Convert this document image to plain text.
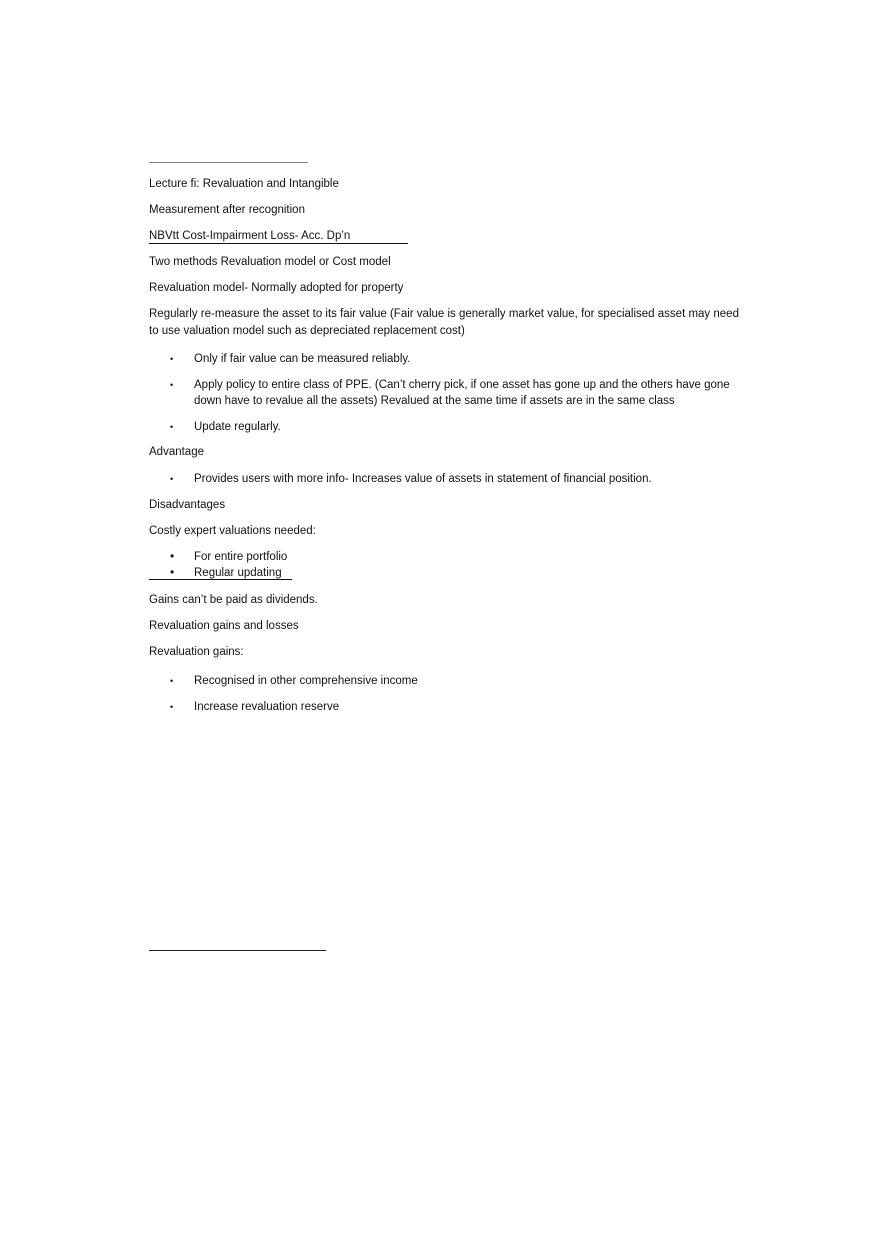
Lecture fi: Revaluation and Intangible
Measurement after recognition
NBVtt Cost-Impairment Loss- Acc. Dp’n
Two methods Revaluation model or Cost model
Revaluation model- Normally adopted for property
Regularly re-measure the asset to its fair value (Fair value is generally market value, for specialised asset may need to use valuation model such as depreciated replacement cost)
• Only if fair value can be measured reliably.
• Apply policy to entire class of PPE. (Can’t cherry pick, if one asset has gone up and the others have gone down have to revalue all the assets) Revalued at the same time if assets are in the same class
• Update regularly.
Advantage
• Provides users with more info- Increases value of assets in statement of financial position.
Disadvantages
Costly expert valuations needed:
• For entire portfolio
• Regular updating
Gains can’t be paid as dividends.
Revaluation gains and losses
Revaluation gains:
• Recognised in other comprehensive income
• Increase revaluation reserve
